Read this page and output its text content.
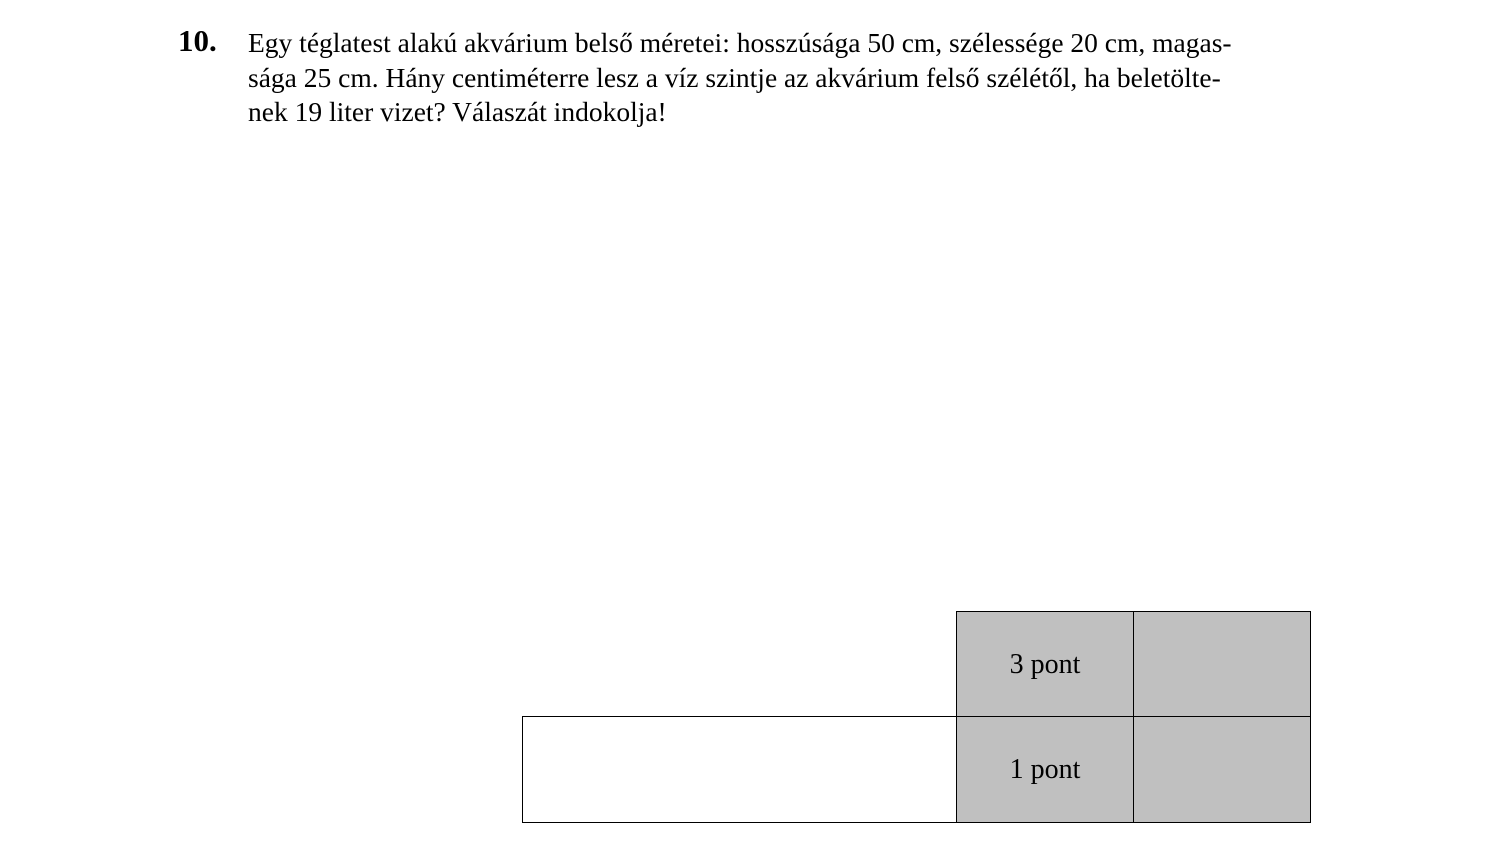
10. Egy téglatest alakú akvárium belső méretei: hosszúsága 50 cm, szélessége 20 cm, magas-
sága 25 cm. Hány centiméterre lesz a víz szintje az akvárium felső szélétől, ha beletölte-
nek 19 liter vizet? Válaszát indokolja!
3 pont
1 pont
